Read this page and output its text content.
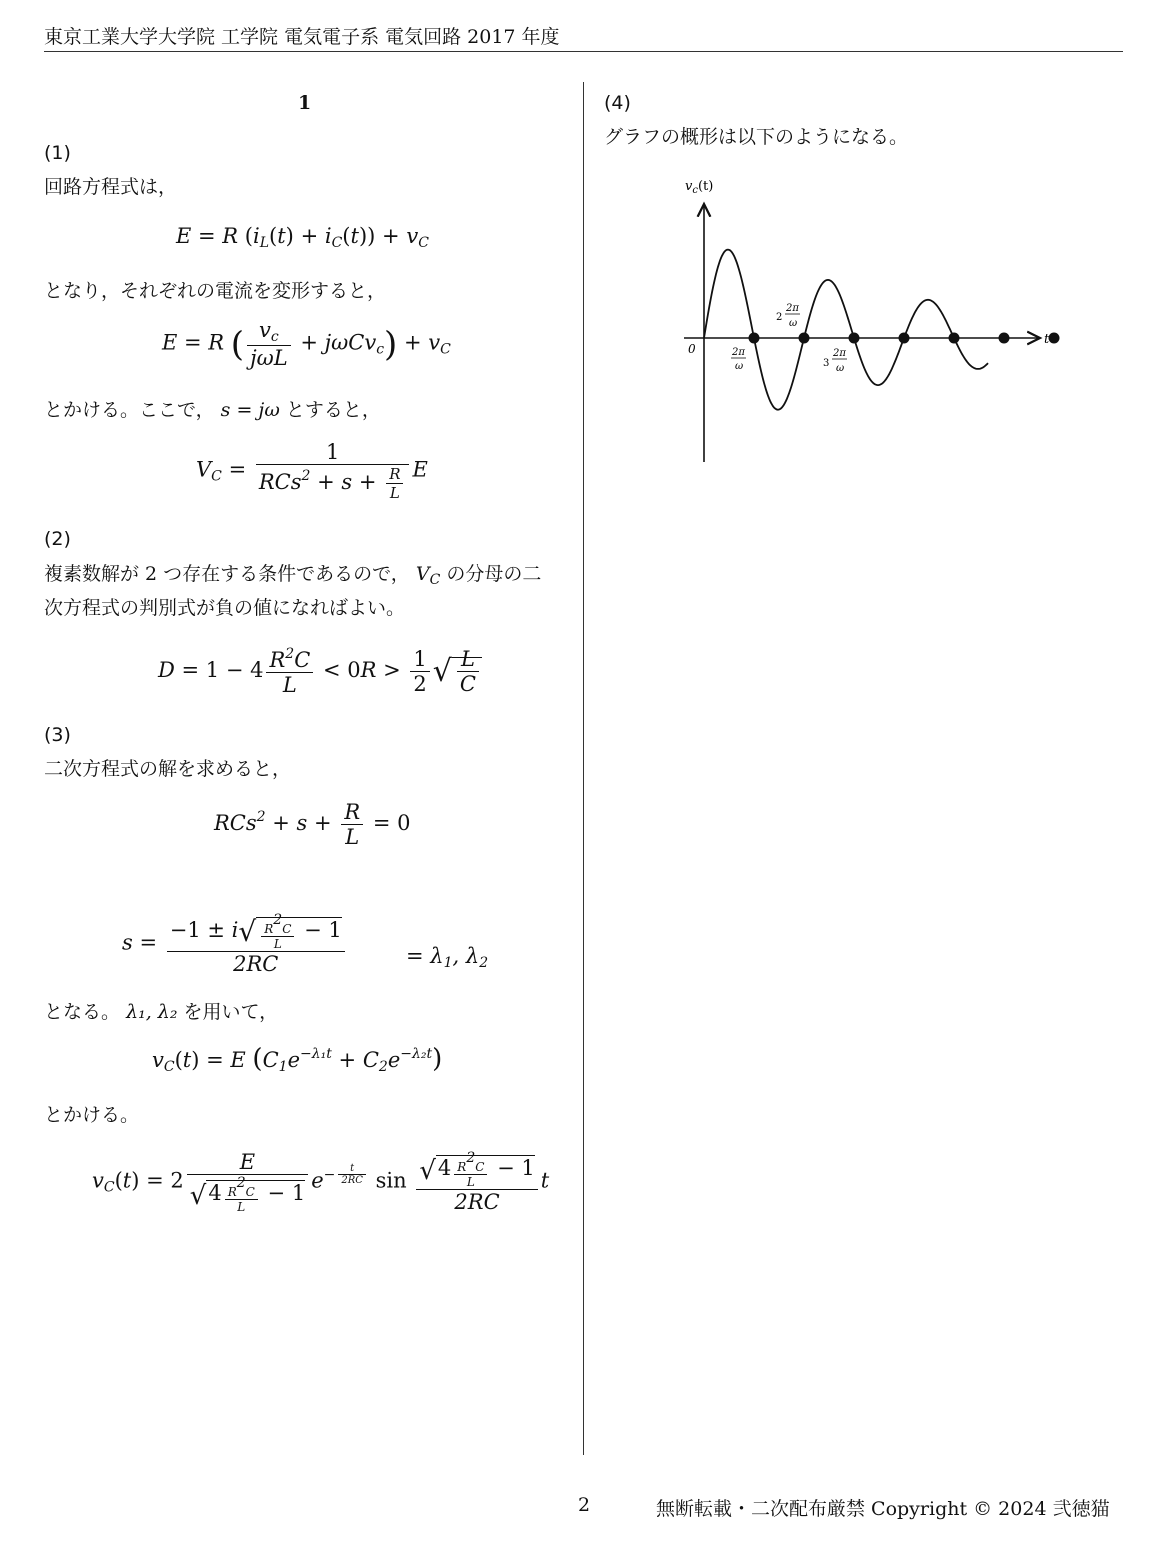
東京工業大学大学院 工学院 電気電子系 電気回路 2017 年度
1
(1)
回路方程式は，
E = R $(i_L(t) + i_C(t)) + v_C$
となり，それぞれの電流を変形すると，
E = R ( $\frac{v_c}{\text{jωL}} + j\omega Cv_c) + v_C$
とかける。ここで， s = jω とすると，
$V_C = \frac{1}{RCs^2 + s + \frac{R}{L}}$ E
(2)
複素数解が 2 つ存在する条件であるので， $V_C$ の分母の二
次方程式の判別式が負の値になればよい。
$D = 1 - 4 \frac{R^2C}{L} < 0R > \frac{1}{2}$ √ $\frac{L}{C}$
(3)
二次方程式の解を求めると，
$RCs^2 + s + \frac{R}{L} = 0$
$s = \frac{-1 \pm i√ \frac{R2C}{L} - 1}{2RC}$	= $\lambda_1$, $\lambda_2$
となる。 λ₁, λ₂ を用いて，
$v_C(t) = E$ $(C_1e^{-\lambda_1t} + C_2e^{-\lambda_2t})$
とかける。
$v_C(t) = 2 \frac{E}{√4 \frac{R2C}{L} - 1} e^{- \frac{t}{2RC}}$ $\sin \frac{√4 \frac{R2C}{L} - 1}{2RC}$ t
(4)
グラフの概形は以下のようになる。
$v_c(t)$
t
0	2π
ω
2
2π
ω
3
2π
ω
2	無断転載・二次配布厳禁 Copyright © 2024 弐徳猫
